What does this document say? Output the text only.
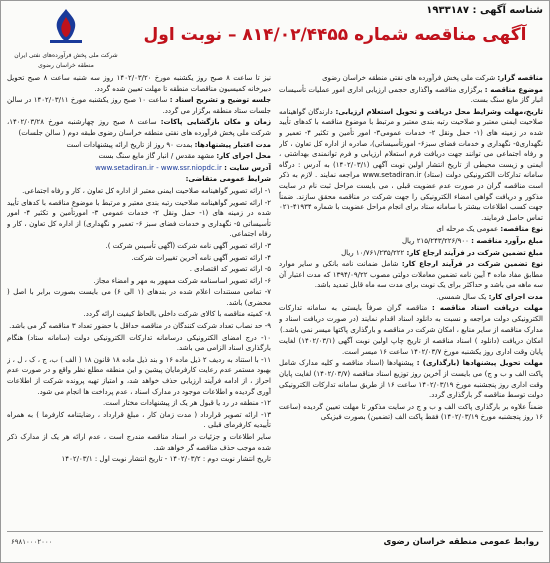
شناسه آگهی : ۱۹۳۳۱۸۷
شرکت ملی پخش فرآورده‌های نفتی ایران
منطقه خراسان رضوی
آگهی مناقصه شماره ۸۱۴/۰۲/۴۴۵۵ – نوبت اول

مناقصه گزار: شرکت ملی پخش فرآورده های نفتی منطقه خراسان رضوی

موضوع مناقصه : برگزاری مناقصه واگذاری حجمی ارزیابی اداری امور عملیات تأسیسات انبار گاز مایع سنگ بست.

تاریخ،مهلت وشرایط محل دریافت و تحویل استعلام ارزیابی: دارندگان گواهینامه صلاحیت ایمنی معتبر و صلاحیت رتبه بندی معتبر و مرتبط با موضوع مناقصه با کدهای تأیید شده در زمینه های (۱- حمل ونقل ۲- خدمات عمومی۳- امور تأمین و تکثیر ۴- تعمیر و نگهداری۵- نگهداری و خدمات فضای سبز۶- امورتأسیساتی)، صادره از اداره کل تعاون ، کار و رفاه اجتماعی می توانند جهت دریافت فرم استعلام ارزیابی و فرم توانمندی بهداشتی ، ایمنی و زیست محیطی از تاریخ انتشار اولین نوبت آگهی (۱۴۰۲/۰۳/۱) به آدرس : درگاه سامانه تدارکات الکترونیکی دولت (ستاد) www.setadiran.ir مراجعه نمایند . لازم به ذکر است مناقصه گران در صورت عدم عضویت قبلی ، می بایست مراحل ثبت نام در سایت مذکور و دریافت گواهی امضاء الکترونیکی را جهت شرکت در مناقصه محقق سازند. ضمناً جهت کسب اطلاعات بیشتر با سامانه ستاد برای انجام مراحل عضویت با شماره ۴۱۹۳۴-۰۲۱ تماس حاصل فرمایند.

نوع مناقصه: عمومی یک مرحله ای

مبلغ برآورد مناقصه : ۲۱۵/۲۴۳/۲۲۶/۹۰۰ ریال

مبلغ تضمین شرکت در فرآیند ارجاع کار: ۱۰/۷۶۱/۲۳۵/۲۲۲ ریال

نوع تضمین شرکت در فرآیند ارجاع کار: شامل ضمانت نامه بانکی و سایر موارد مطابق مفاد ماده ۴ آیین نامه تضمین معاملات دولتی مصوب ۱۳۹۴/۰۹/۲۲ که مدت اعتبار آن سه ماهه می باشد و حداکثر برای یک نوبت برای مدت سه ماه قابل تمدید باشد.

مدت اجرای کار: یک سال شمسی.

مهلت دریافت اسناد مناقصه : مناقصه گران صرفاً بایستی به سامانه تدارکات الکترونیکی دولت مراجعه و نسبت به دانلود اسناد اقدام نمایند (در صورت دریافت اسناد و مدارک مناقصه از سایر منابع ، امکان شرکت در مناقصه و بارگذاری پاکتها میسر نمی باشد.)

امکان دریافت (دانلود ) اسناد مناقصه از تاریخ چاپ اولین نوبت آگهی (۱۴۰۲/۰۳/۱) لغایت پایان وقت اداری روز یکشنبه مورخ ۱۴۰۲/۰۳/۷ ساعت ۱۶ میسر است.

مهلت تحویل پیشنهادها (بارگذاری) : پیشنهادها (اسناد مناقصه و کلیه مدارک شامل پاکت الف و ب و ج) می بایست از آخرین روز توزیع اسناد مناقصه (۱۴۰۲/۰۳/۷) لغایت پایان وقت اداری روز پنجشنبه مورخ ۱۴۰۲/۰۳/۱۹ ساعت ۱۶ از طریق سامانه تدارکات الکترونیکی دولت توسط مناقصه گر بارگذاری گردد.

ضمناً علاوه بر بارگذاری پاکت الف و ب و ج در سایت مذکور تا مهلت تعیین گردیده (ساعت ۱۶ روز پنجشنبه مورخ ۱۴۰۲/۰۳/۱۹) فقط پاکت الف (تضمین) بصورت فیزیکی

نیز تا ساعت ۸ صبح روز یکشنبه مورخ ۱۴۰۲/۰۳/۲۰ روز سه شنبه ساعت ۸ صبح تحویل دبیرخانه کمیسیون مناقصات منطقه تا مهلت تعیین شده گردد.

جلسه توضیح و تشریح اسناد : ساعت ۱۰ صبح روز یکشنبه مورخ ۱۴۰۲/۰۳/۱۱ در سالن جلسات ستاد منطقه برگزار می گردد.

زمان و مکان بازگشایی پاکات: ساعت ۸ صبح روز چهارشنبه مورخ ۱۴۰۲/۰۳/۲۸، شرکت ملی پخش فرآورده های نفتی منطقه خراسان رضوی طبقه دوم ( سالن جلسات)

مدت اعتبار پیشنهادها: بمدت ۹۰ روز از تاریخ ارائه پیشنهادات است

محل اجرای کار: مشهد مقدس / انبار گاز مایع سنگ بست

آدرس سایت : www.setadiran.ir - www.ssr.niopdc.ir

شرایط عمومی متقاضی:

۱- ارائه تصویر گواهینامه صلاحیت ایمنی معتبر از اداره کل تعاون ، کار و رفاه اجتماعی.

۲- ارائه تصویر گواهینامه صلاحیت رتبه بندی معتبر و مرتبط با موضوع مناقصه با کدهای تأیید شده در زمینه های (۱- حمل ونقل ۲- خدمات عمومی ۳- امورتأمین و تکثیر ۴- امور تأسیساتی ۵- نگهداری و خدمات فضای سبز ۶- تعمیر و نگهداری) از اداره کل تعاون ، کار و رفاه اجتماعی.

۳- ارائه تصویر آگهی نامه شرکت (آگهی تأسیس شرکت ).

۴- ارائه تصویر آگهی نامه آخرین تغییرات شرکت.

۵- ارائه تصویر کد اقتصادی .

۶- ارائه تصویر اساسنامه شرکت ممهور به مهر و امضاء مجاز.

۷- تمامی مستندات اعلام شده در بندهای (۱ الی ۶) می بایست بصورت برابر با اصل ( محضری) باشد.

۸- کمیته مناقصه با کالای شرکت داخلی بالحاظ کیفیت ارائه گردد.

۹- حد نصاب تعداد شرکت کنندگان در مناقصه حداقل با حضور تعداد ۳ مناقصه گر می باشد.

۱۰- درج امضای الکترونیکی درسامانه تدارکات الکترونیکی دولت (سامانه ستاد) هنگام بارگذاری اسناد الزامی می باشد.

۱۱- با استناد به ردیف ۲ ذیل ماده ۱۶ و بند ذیل ماده ۱۸ قانون ۱۸ ( الف ) ب، ج ، ک ، ل ، ز بهبود مستمر عدم رعایت کارفرمایان پیشین و این منطقه مطلع نظر واقع و در صورت عدم احراز ، از ادامه فرآیند ارزیابی حذف خواهد شد، و امتیاز تهیه پرونده شرکت از اطلاعات آوری گردیده و اطلاعات موجود در مدارک اسناد ، عدم پرداخت ها انجام می شود.

۱۲- منطقه در رد یا قبول هر یک از پیشنهادات مختار است.

۱۳- ارائه تصویر قرارداد ( مدت زمان کار ، مبلغ قرارداد ، رضایتنامه کارفرما ) به همراه تأییدیه کارفرمای قبلی .

سایر اطلاعات و جزئیات در اسناد مناقصه مندرج است ، عدم ارائه هر یک از مدارک ذکر شده موجب حذف مناقصه گر خواهد شد.

تاریخ انتشار نوبت دوم : ۱۴۰۲/۰۳/۲ - تاریخ انتشار نوبت اول : ۱۴۰۲/۰۳/۱

روابط عمومی منطقه خراسان رضوی
۶۹۸۱۰۰۰۲۰۰۰
